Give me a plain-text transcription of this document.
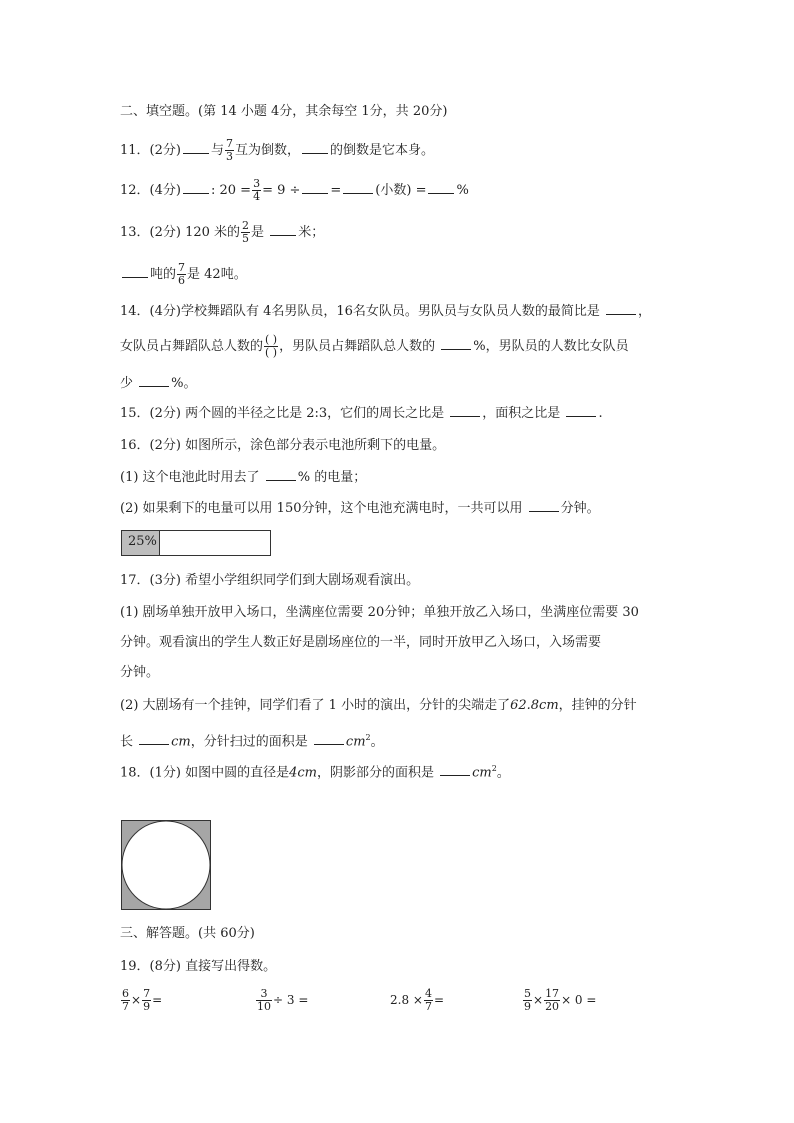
二、填空题。(第 14 小题 4分，其余每空 1分，共 20分)
11．(2分) 与 $\frac{7}{3}$ 互为倒数， 的倒数是它本身。
12．(4分) : $20 = \frac{3}{4} = 9$ ÷ =	(小数) = %
13．(2分) 120 米的 $\frac{2}{5}$ 是	米；
吨的 $\frac{7}{6}$ 是 42吨。
14．(4分)学校舞蹈队有 4名男队员，16名女队员。男队员与女队员人数的最简比是	，
女队员占舞蹈队总人数的 $\frac{( )}{( )}$ ，男队员占舞蹈队总人数的	%，男队员的人数比女队员
少	%。
15．(2分) 两个圆的半径之比是 2:3，它们的周长之比是	，面积之比是	.
16．(2分) 如图所示，涂色部分表示电池所剩下的电量。
(1) 这个电池此时用去了	% 的电量；
(2) 如果剩下的电量可以用 150分钟，这个电池充满电时，一共可以用	分钟。
25%
17．(3分) 希望小学组织同学们到大剧场观看演出。
(1) 剧场单独开放甲入场口，坐满座位需要 20分钟；单独开放乙入场口，坐满座位需要 30
分钟。观看演出的学生人数正好是剧场座位的一半，同时开放甲乙入场口，入场需要
分钟。
(2) 大剧场有一个挂钟，同学们看了 1 小时的演出，分针的尖端走了62.8cm，挂钟的分针
长	cm，分针扫过的面积是	$cm^2$。
18．(1分) 如图中圆的直径是4cm，阴影部分的面积是	$cm^2$。
三、解答题。(共 60分)
19．(8分) 直接写出得数。
$\frac{6}{7} \times \frac{7}{9}$ =	$\frac{3}{10} \div 3$ =	$2.8 \times \frac{4}{7}$ =	$\frac{5}{9} \times \frac{17}{20} \times 0$ =
